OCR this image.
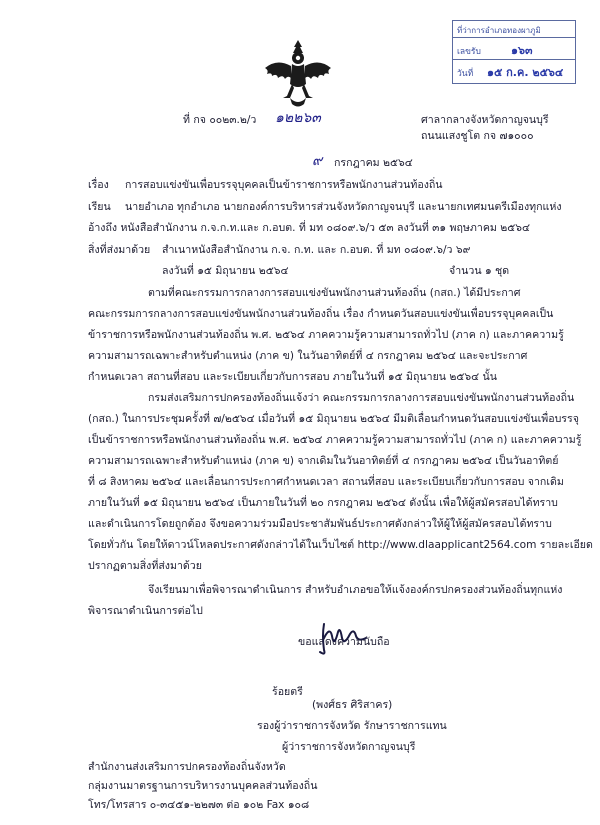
ที่ว่าการอำเภอทองผาภูมิ
เลขรับ	๑๖๓
วันที่ ๑๕ ก.ค. ๒๕๖๔
ที่ กจ ๐๐๒๓.๒/ว ๑๒๒๖๓	ศาลากลางจังหวัดกาญจนบุรี
ถนนแสงชูโต กจ ๗๑๐๐๐
๙ กรกฎาคม ๒๕๖๔
เรื่อง การสอบแข่งขันเพื่อบรรจุบุคคลเป็นข้าราชการหรือพนักงานส่วนท้องถิ่น
เรียน นายอำเภอ ทุกอำเภอ นายกองค์การบริหารส่วนจังหวัดกาญจนบุรี และนายกเทศมนตรีเมืองทุกแห่ง
อ้างถึง หนังสือสำนักงาน ก.จ.ก.ท.และ ก.อบต. ที่ มท ๐๘๐๙.๖/ว ๕๓ ลงวันที่ ๓๑ พฤษภาคม ๒๕๖๔
สิ่งที่ส่งมาด้วย สำเนาหนังสือสำนักงาน ก.จ. ก.ท. และ ก.อบต. ที่ มท ๐๘๐๙.๖/ว ๖๙
ลงวันที่ ๑๕ มิถุนายน ๒๕๖๔	จำนวน ๑ ชุด
ตามที่คณะกรรมการกลางการสอบแข่งขันพนักงานส่วนท้องถิ่น (กสถ.) ได้มีประกาศ
คณะกรรมการกลางการสอบแข่งขันพนักงานส่วนท้องถิ่น เรื่อง กำหนดวันสอบแข่งขันเพื่อบรรจุบุคคลเป็น
ข้าราชการหรือพนักงานส่วนท้องถิ่น พ.ศ. ๒๕๖๔ ภาคความรู้ความสามารถทั่วไป (ภาค ก) และภาคความรู้
ความสามารถเฉพาะสำหรับตำแหน่ง (ภาค ข) ในวันอาทิตย์ที่ ๔ กรกฎาคม ๒๕๖๔ และจะประกาศ
กำหนดเวลา สถานที่สอบ และระเบียบเกี่ยวกับการสอบ ภายในวันที่ ๑๕ มิถุนายน ๒๕๖๔ นั้น
กรมส่งเสริมการปกครองท้องถิ่นแจ้งว่า คณะกรรมการกลางการสอบแข่งขันพนักงานส่วนท้องถิ่น
(กสถ.) ในการประชุมครั้งที่ ๗/๒๕๖๔ เมื่อวันที่ ๑๕ มิถุนายน ๒๕๖๔ มีมติเลื่อนกำหนดวันสอบแข่งขันเพื่อบรรจุ
เป็นข้าราชการหรือพนักงานส่วนท้องถิ่น พ.ศ. ๒๕๖๔ ภาคความรู้ความสามารถทั่วไป (ภาค ก) และภาคความรู้
ความสามารถเฉพาะสำหรับตำแหน่ง (ภาค ข) จากเดิมในวันอาทิตย์ที่ ๔ กรกฎาคม ๒๕๖๔ เป็นวันอาทิตย์
ที่ ๘ สิงหาคม ๒๕๖๔ และเลื่อนการประกาศกำหนดเวลา สถานที่สอบ และระเบียบเกี่ยวกับการสอบ จากเดิม
ภายในวันที่ ๑๕ มิถุนายน ๒๕๖๔ เป็นภายในวันที่ ๒๐ กรกฎาคม ๒๕๖๔ ดังนั้น เพื่อให้ผู้สมัครสอบได้ทราบ
และดำเนินการโดยถูกต้อง จึงขอความร่วมมือประชาสัมพันธ์ประกาศดังกล่าวให้ผู้ให้ผู้สมัครสอบได้ทราบ
โดยทั่วกัน โดยให้ดาวน์โหลดประกาศดังกล่าวได้ในเว็บไซต์ http://www.dlaapplicant2564.com รายละเอียด
ปรากฏตามสิ่งที่ส่งมาด้วย
จึงเรียนมาเพื่อพิจารณาดำเนินการ สำหรับอำเภอขอให้แจ้งองค์กรปกครองส่วนท้องถิ่นทุกแห่ง
พิจารณาดำเนินการต่อไป
ขอแสดงความนับถือ
ร้อยตรี
(พงศ์ธร ศิริสาคร)
รองผู้ว่าราชการจังหวัด รักษาราชการแทน
ผู้ว่าราชการจังหวัดกาญจนบุรี
สำนักงานส่งเสริมการปกครองท้องถิ่นจังหวัด
กลุ่มงานมาตรฐานการบริหารงานบุคคลส่วนท้องถิ่น
โทร/โทรสาร ๐-๓๔๕๑-๒๒๗๓ ต่อ ๑๐๒ Fax ๑๐๘
